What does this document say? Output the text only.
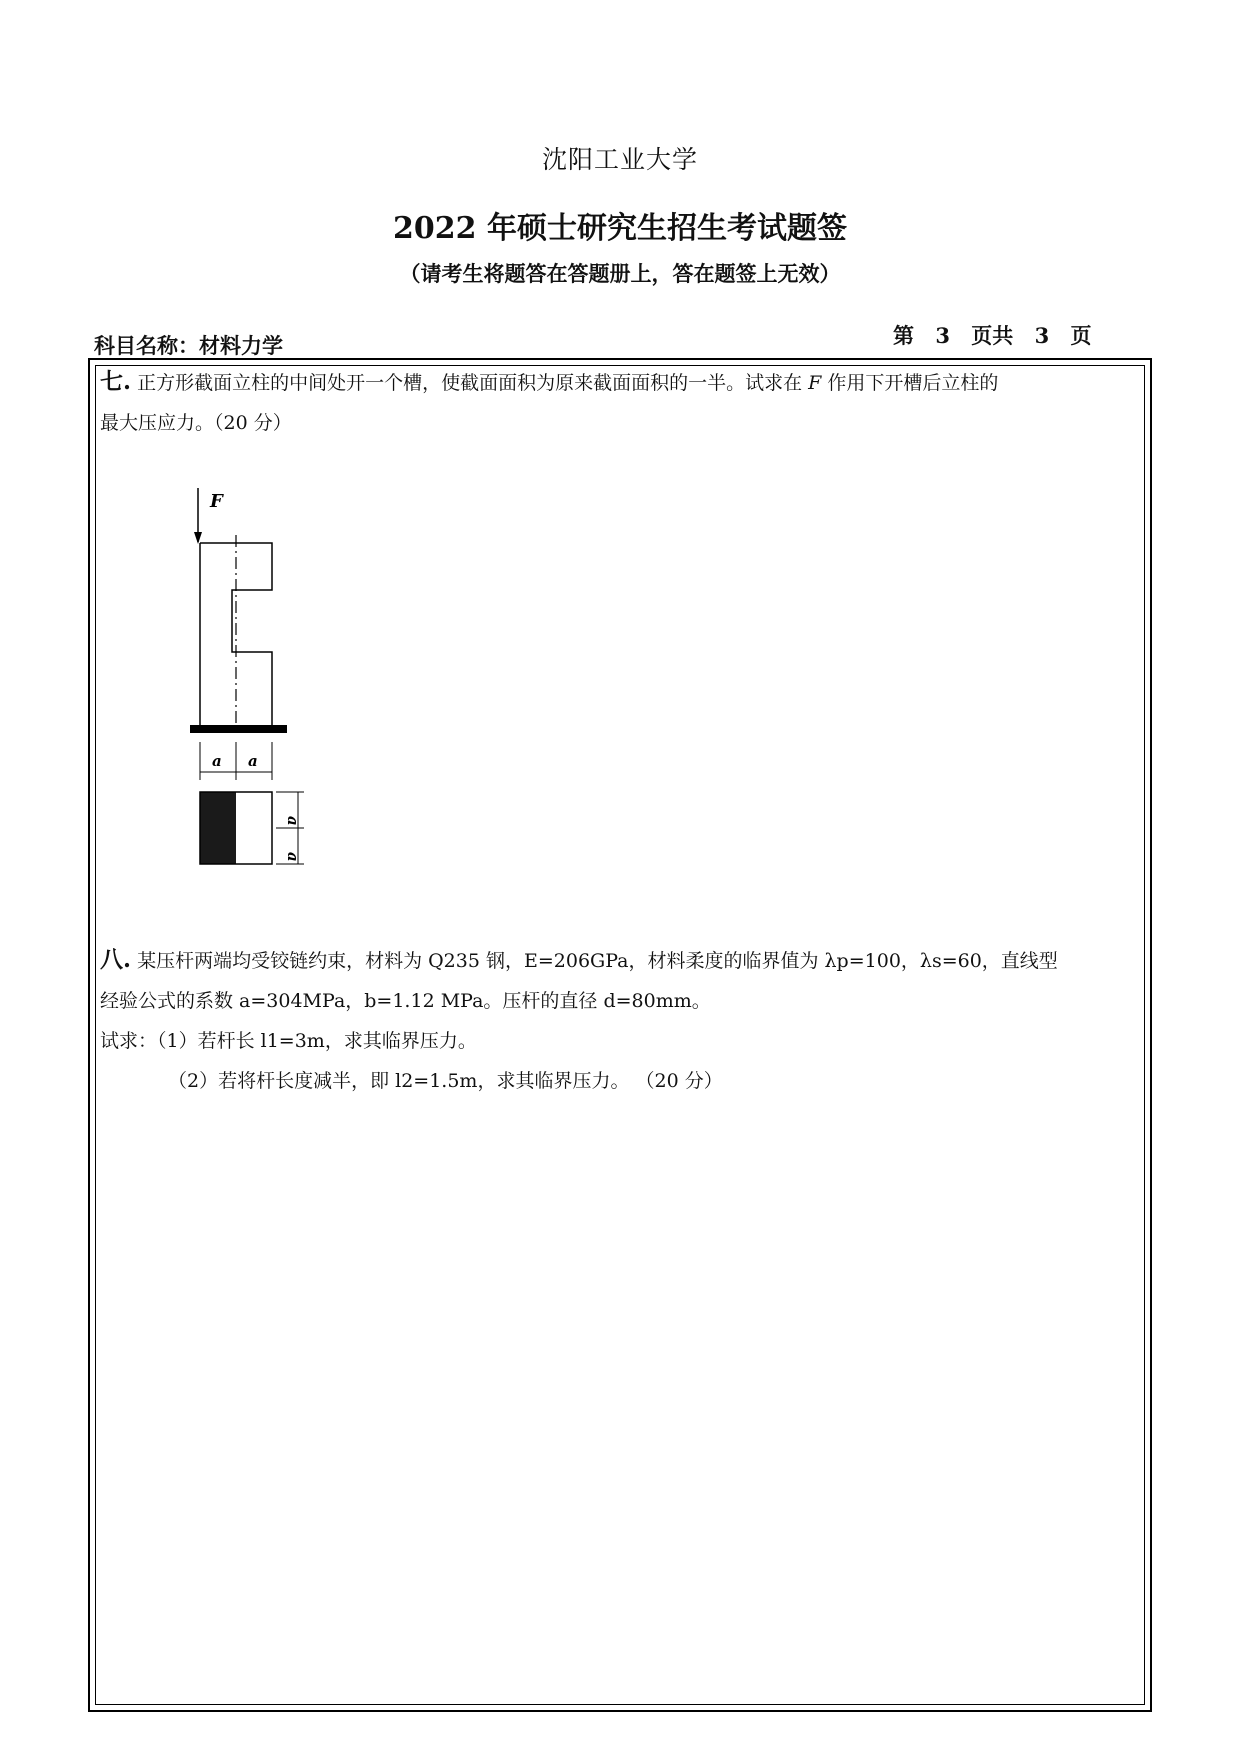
沈阳工业大学
2022 年硕士研究生招生考试题签
（请考生将题答在答题册上，答在题签上无效）
科目名称：材料力学	第 3 页共 3 页
七. 正方形截面立柱的中间处开一个槽，使截面面积为原来截面面积的一半。试求在 F 作用下开槽后立柱的
最大压应力。（20 分）
F
a a
a
a
八. 某压杆两端均受铰链约束，材料为 Q235 钢，E=206GPa，材料柔度的临界值为 λp=100，λs=60，直线型
经验公式的系数 a=304MPa，b=1.12 MPa。压杆的直径 d=80mm。
试求：（1）若杆长 l1=3m，求其临界压力。
（2）若将杆长度减半，即 l2=1.5m，求其临界压力。 （20 分）
